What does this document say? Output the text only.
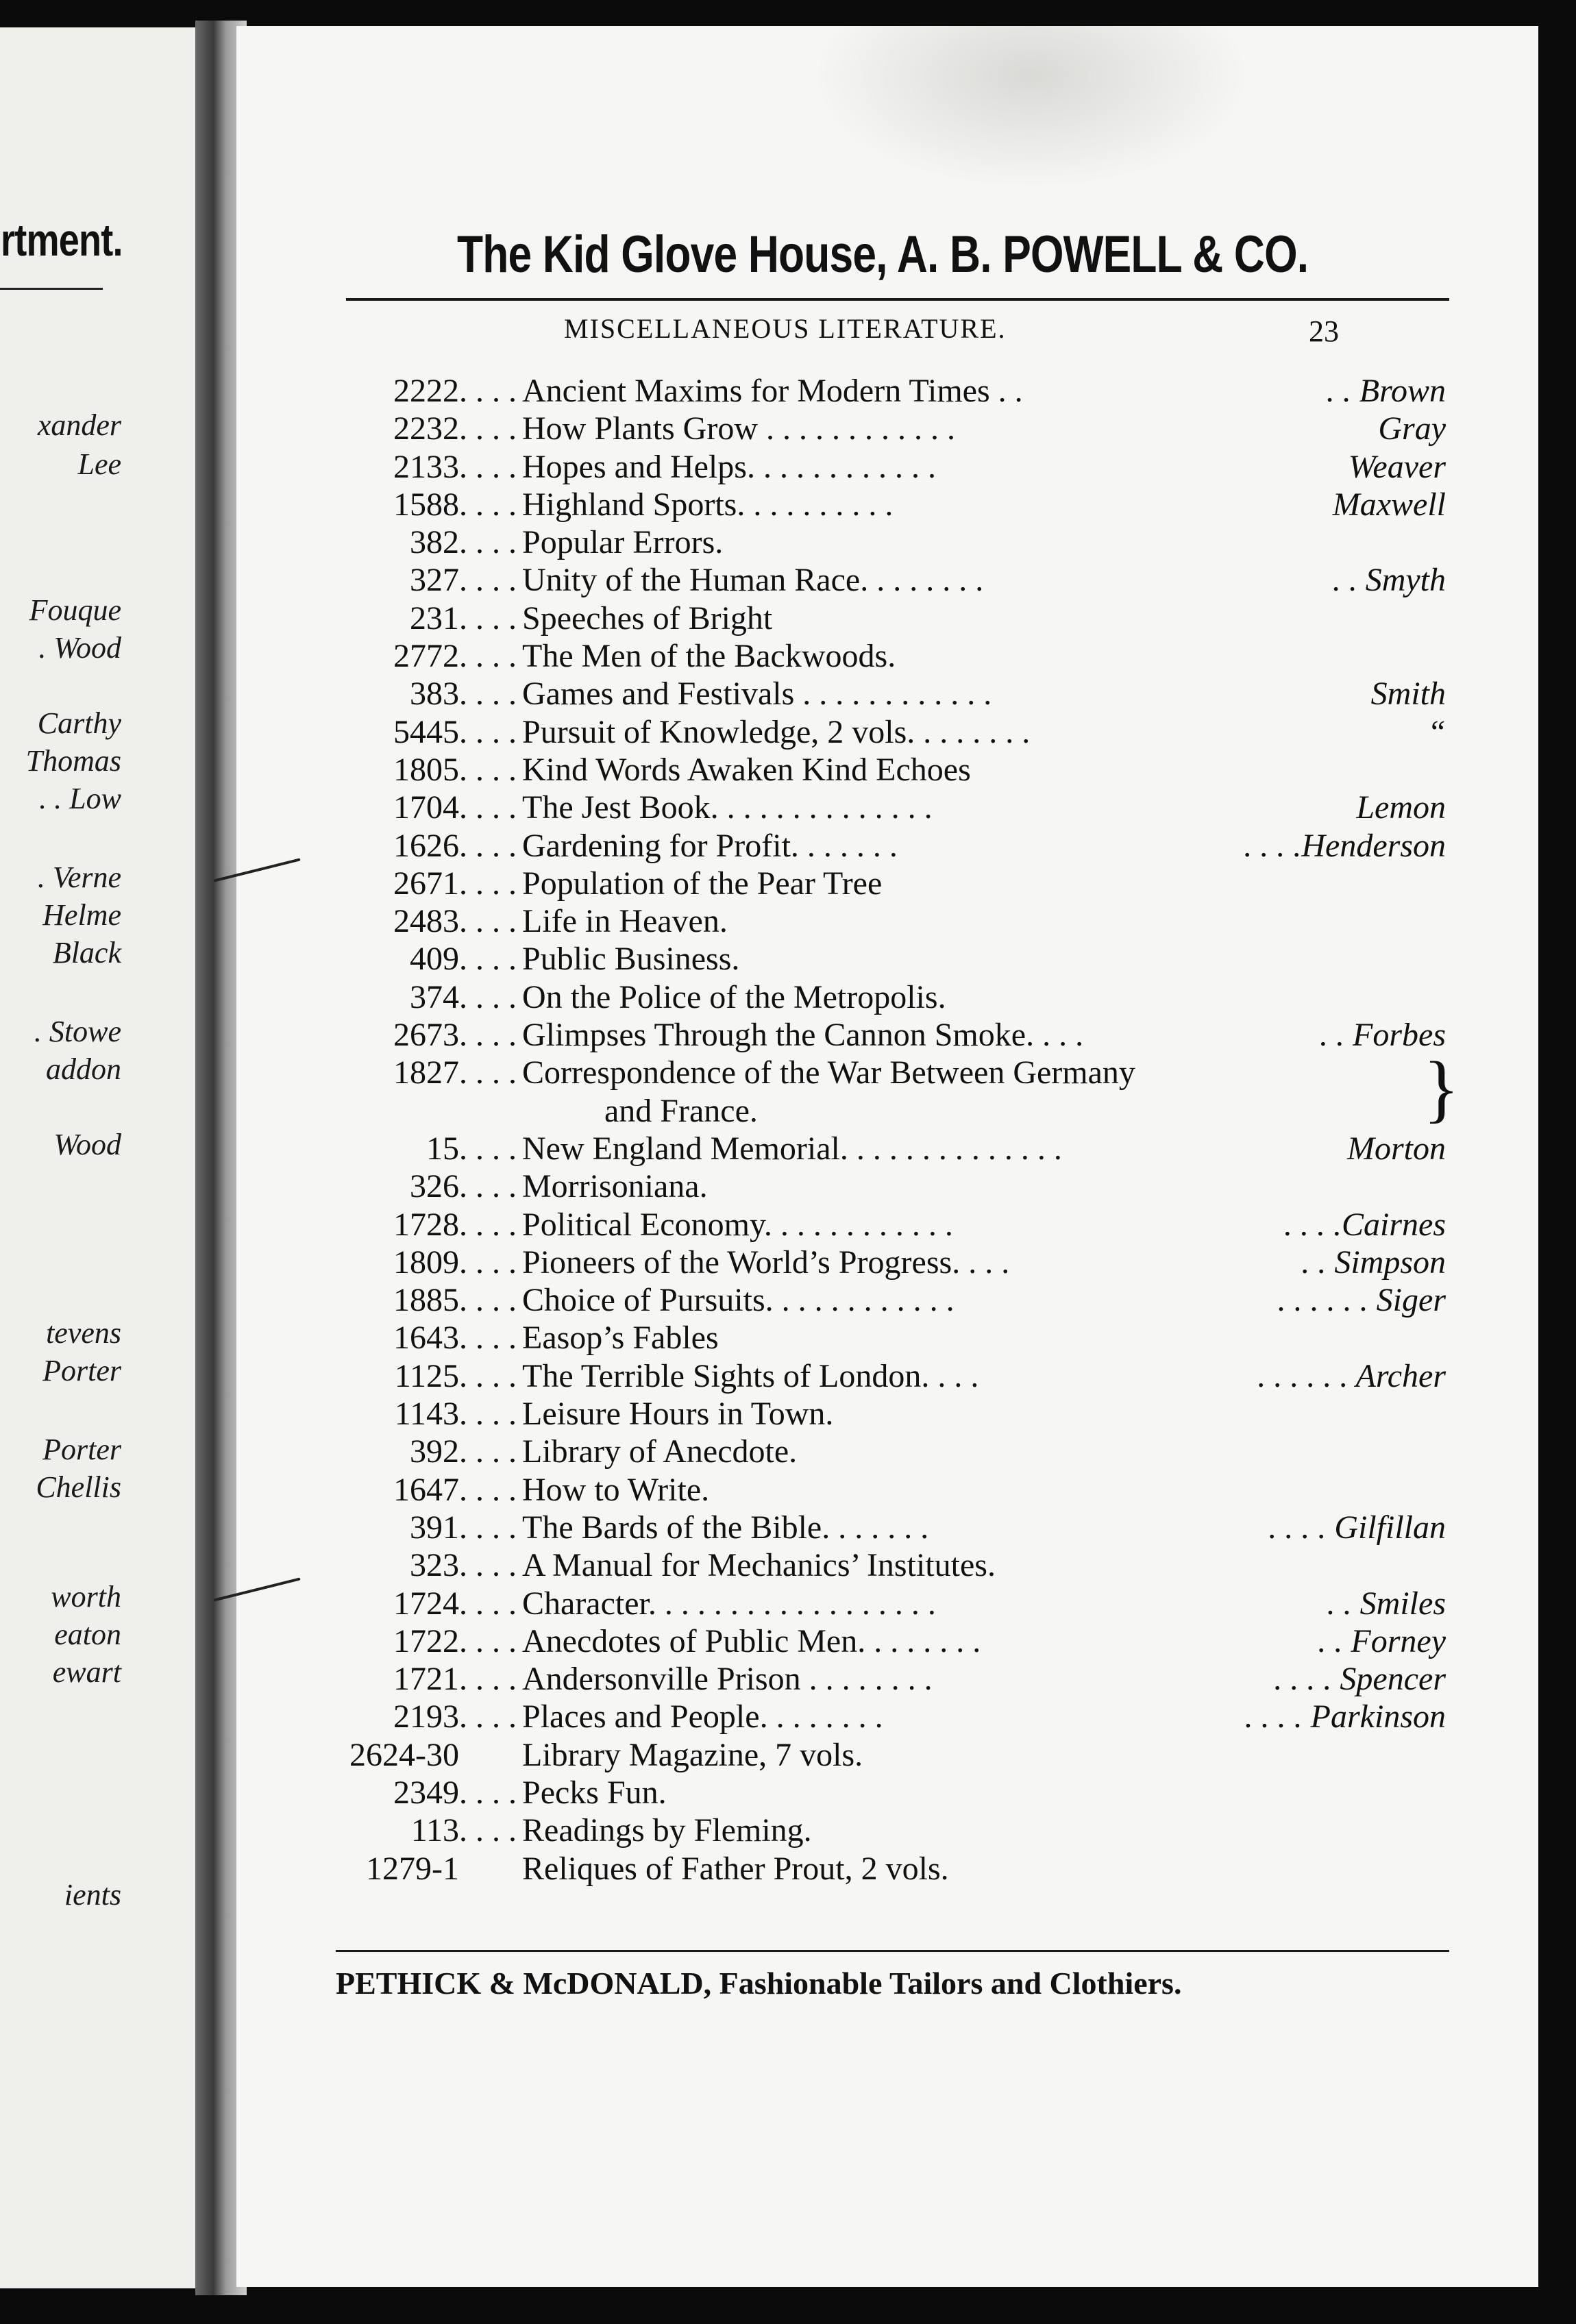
rtment.
xander
Lee
Fouque
. Wood
Carthy
Thomas
. . Low
. Verne
Helme
Black
. Stowe
addon
Wood
tevens
Porter
Porter
Chellis
worth
eaton
ewart
ients
The Kid Glove House, A. B. POWELL & CO.
MISCELLANEOUS LITERATURE.	23
2222 . . . . Ancient Maxims for Modern Times . .	. . Brown
2232 . . . . How Plants Grow . . . . . . . . . . . .	Gray
2133 . . . . Hopes and Helps. . . . . . . . . . . .	Weaver
1588 . . . . Highland Sports. . . . . . . . . .	Maxwell
382 . . . . Popular Errors.
327 . . . . Unity of the Human Race. . . . . . . .	. . Smyth
231 . . . . Speeches of Bright
2772 . . . . The Men of the Backwoods.
383 . . . . Games and Festivals . . . . . . . . . . . .	Smith
5445 . . . . Pursuit of Knowledge, 2 vols. . . . . . . .	“
1805 . . . . Kind Words Awaken Kind Echoes
1704 . . . . The Jest Book. . . . . . . . . . . . . .	Lemon
1626 . . . . Gardening for Profit. . . . . . .	. . . .Henderson
2671 . . . . Population of the Pear Tree
2483 . . . . Life in Heaven.
409 . . . . Public Business.
374 . . . . On the Police of the Metropolis.
2673 . . . . Glimpses Through the Cannon Smoke. . . .	. . Forbes
1827 . . . . Correspondence of the War Between Germany	}
and France.
15 . . . . New England Memorial. . . . . . . . . . . . . .	Morton
326 . . . . Morrisoniana.
1728 . . . . Political Economy. . . . . . . . . . . .	. . . .Cairnes
1809 . . . . Pioneers of the World’s Progress. . . .	. . Simpson
1885 . . . . Choice of Pursuits. . . . . . . . . . . .	. . . . . . Siger
1643 . . . . Easop’s Fables
1125 . . . . The Terrible Sights of London. . . .	. . . . . . Archer
1143 . . . . Leisure Hours in Town.
392 . . . . Library of Anecdote.
1647 . . . . How to Write.
391 . . . . The Bards of the Bible. . . . . . .	. . . . Gilfillan
323 . . . . A Manual for Mechanics’ Institutes.
1724 . . . . Character. . . . . . . . . . . . . . . . . .	. . Smiles
1722 . . . . Anecdotes of Public Men. . . . . . . .	. . Forney
1721 . . . . Andersonville Prison . . . . . . . .	. . . . Spencer
2193 . . . . Places and People. . . . . . . .	. . . . Parkinson
2624-30 Library Magazine, 7 vols.
2349 . . . . Pecks Fun.
113 . . . . Readings by Fleming.
1279-1 Reliques of Father Prout, 2 vols.
PETHICK & McDONALD, Fashionable Tailors and Clothiers.
